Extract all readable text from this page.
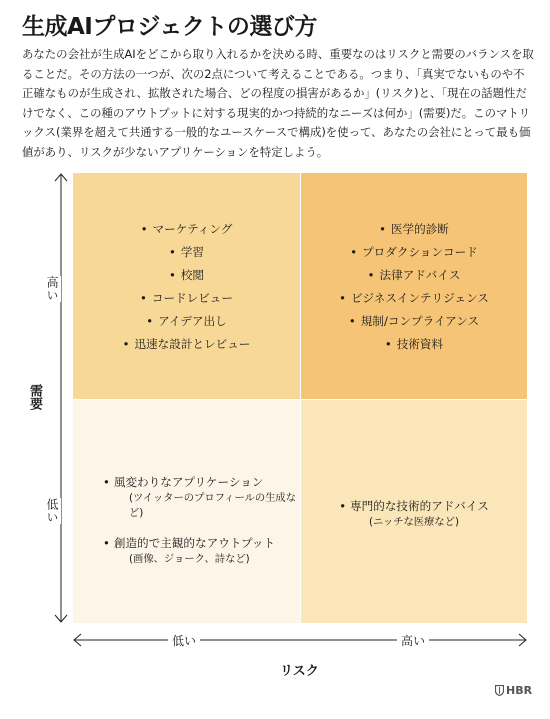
生成AIプロジェクトの選び方
あなたの会社が生成AIをどこから取り入れるかを決める時、重要なのはリスクと需要のバランスを取ることだ。その方法の一つが、次の2点について考えることである。つまり、「真実でないものや不正確なものが生成され、拡散された場合、どの程度の損害があるか」(リスク)と、「現在の話題性だけでなく、この種のアウトプットに対する現実的かつ持続的なニーズは何か」(需要)だ。このマトリックス(業界を超えて共通する一般的なユースケースで構成)を使って、あなたの会社にとって最も価値があり、リスクが少ないアプリケーションを特定しよう。
• マーケティング
• 学習
• 校閲
• コードレビュー
• アイデア出し
• 迅速な設計とレビュー
• 医学的診断
• プロダクションコード
• 法律アドバイス
• ビジネスインテリジェンス
• 規制/コンプライアンス
• 技術資料
• 風変わりなアプリケーション
(ツイッターのプロフィールの生成など)
• 創造的で主観的なアウトプット
(画像、ジョーク、詩など)
• 専門的な技術的アドバイス
(ニッチな医療など)
高い
低い
需要
低い	高い
リスク
HBR
